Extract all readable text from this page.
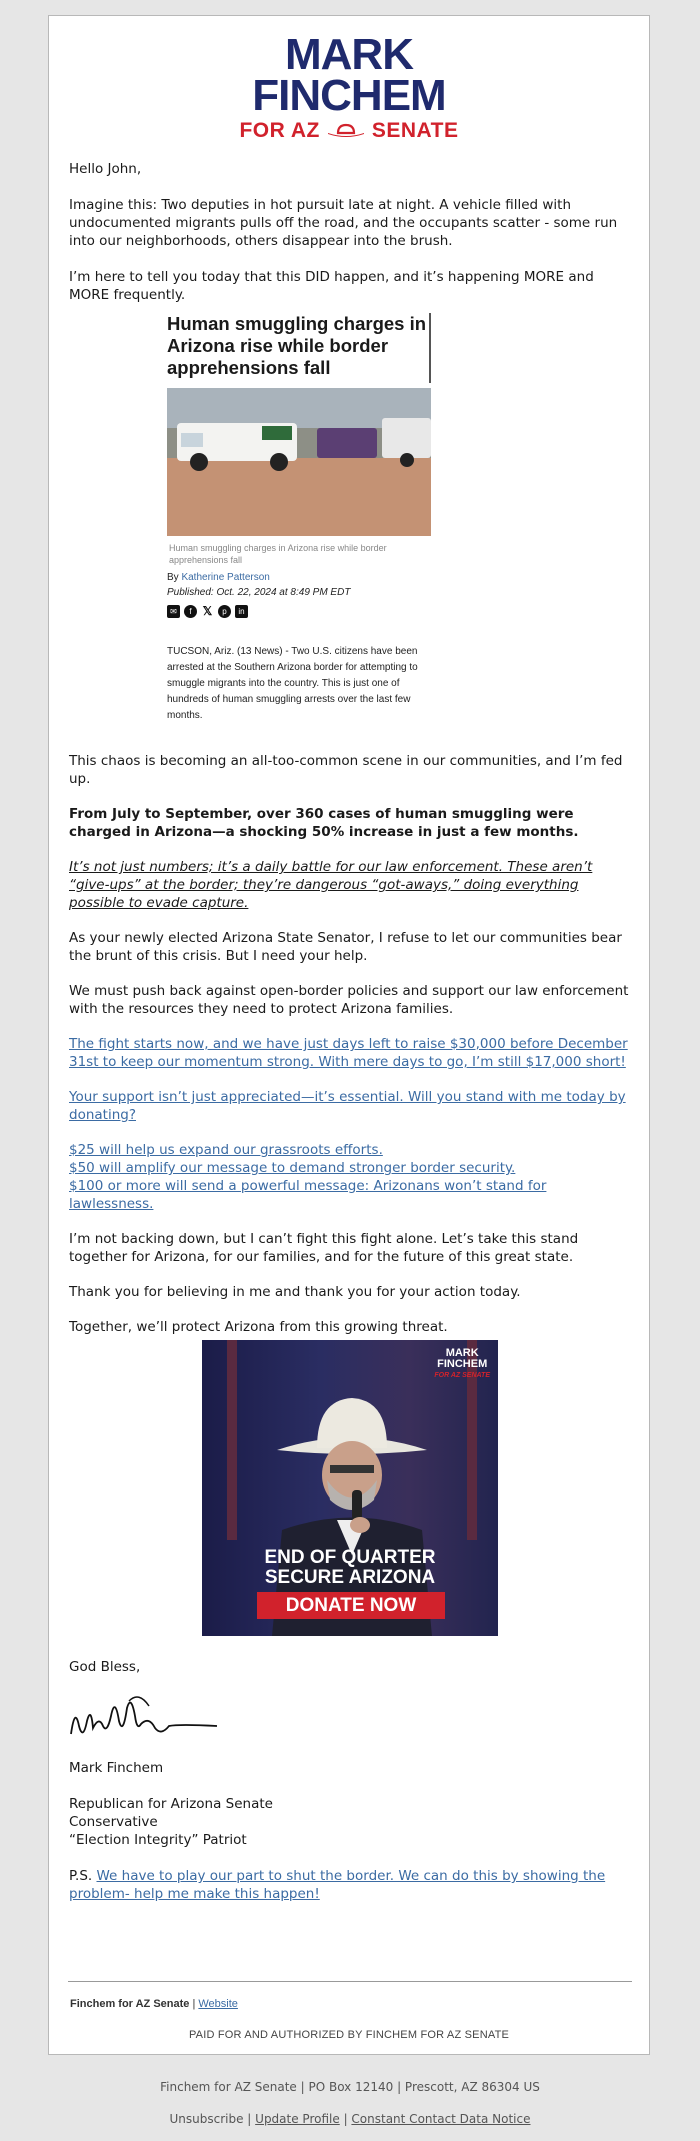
MARK
FINCHEM
FOR AZ SENATE

Hello John,

Imagine this: Two deputies in hot pursuit late at night. A vehicle filled with undocumented migrants pulls off the road, and the occupants scatter - some run into our neighborhoods, others disappear into the brush.

I’m here to tell you today that this DID happen, and it’s happening MORE and MORE frequently.

Human smuggling charges in Arizona rise while border apprehensions fall
Human smuggling charges in Arizona rise while border apprehensions fall
By Katherine Patterson
Published: Oct. 22, 2024 at 8:49 PM EDT
✉	f 𝕏	p	in
TUCSON, Ariz. (13 News) - Two U.S. citizens have been arrested at the Southern Arizona border for attempting to smuggle migrants into the country. This is just one of hundreds of human smuggling arrests over the last few months.

This chaos is becoming an all-too-common scene in our communities, and I’m fed up.

From July to September, over 360 cases of human smuggling were charged in Arizona—a shocking 50% increase in just a few months.

It’s not just numbers; it’s a daily battle for our law enforcement. These aren’t “give-ups” at the border; they’re dangerous “got-aways,” doing everything possible to evade capture.

As your newly elected Arizona State Senator, I refuse to let our communities bear the brunt of this crisis. But I need your help.

We must push back against open-border policies and support our law enforcement with the resources they need to protect Arizona families.

The fight starts now, and we have just days left to raise $30,000 before December 31st to keep our momentum strong. With mere days to go, I’m still $17,000 short!

Your support isn’t just appreciated—it’s essential. Will you stand with me today by donating?

$25 will help us expand our grassroots efforts.

$50 will amplify our message to demand stronger border security.

$100 or more will send a powerful message: Arizonans won’t stand for lawlessness.

I’m not backing down, but I can’t fight this fight alone. Let’s take this stand together for Arizona, for our families, and for the future of this great state.

Thank you for believing in me and thank you for your action today.

Together, we’ll protect Arizona from this growing threat.

MARK
FINCHEM
FOR AZ SENATE
END OF QUARTER
SECURE ARIZONA
DONATE NOW

God Bless,

Mark Finchem

Republican for Arizona Senate

Conservative

“Election Integrity” Patriot

P.S. We have to play our part to shut the border. We can do this by showing the problem- help me make this happen!

Finchem for AZ Senate | Website
PAID FOR AND AUTHORIZED BY FINCHEM FOR AZ SENATE
Finchem for AZ Senate | PO Box 12140 | Prescott, AZ 86304 US
Unsubscribe | Update Profile | Constant Contact Data Notice
